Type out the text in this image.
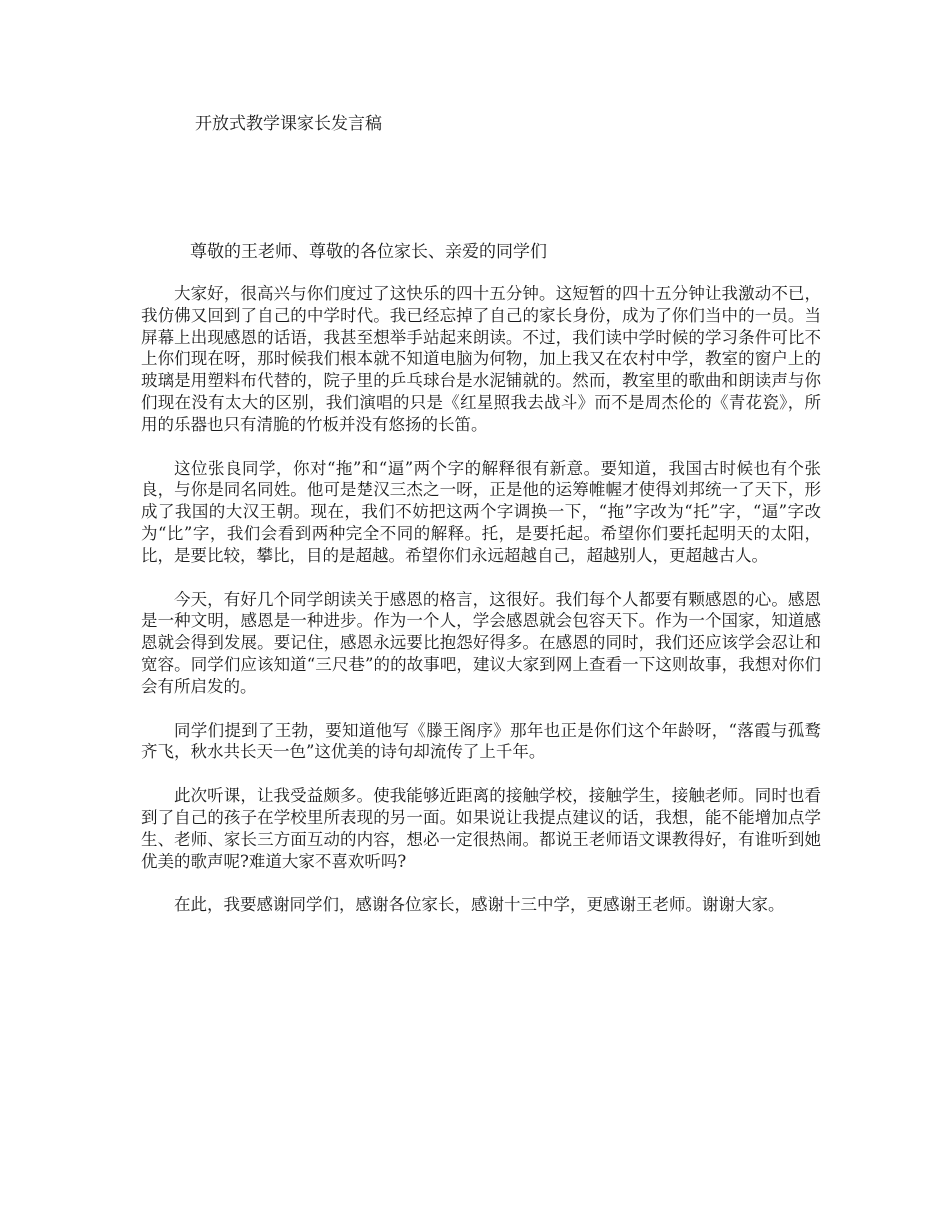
开放式教学课家长发言稿

尊敬的王老师、尊敬的各位家长、亲爱的同学们

大家好，很高兴与你们度过了这快乐的四十五分钟。这短暂的四十五分钟让我激动不已，我仿佛又回到了自己的中学时代。我已经忘掉了自己的家长身份，成为了你们当中的一员。当屏幕上出现感恩的话语，我甚至想举手站起来朗读。不过，我们读中学时候的学习条件可比不上你们现在呀，那时候我们根本就不知道电脑为何物，加上我又在农村中学，教室的窗户上的玻璃是用塑料布代替的，院子里的乒乓球台是水泥铺就的。然而，教室里的歌曲和朗读声与你们现在没有太大的区别，我们演唱的只是《红星照我去战斗》而不是周杰伦的《青花瓷》，所用的乐器也只有清脆的竹板并没有悠扬的长笛。

这位张良同学，你对“拖”和“逼”两个字的解释很有新意。要知道，我国古时候也有个张良，与你是同名同姓。他可是楚汉三杰之一呀，正是他的运筹帷幄才使得刘邦统一了天下，形成了我国的大汉王朝。现在，我们不妨把这两个字调换一下，“拖”字改为“托”字，“逼”字改为“比”字，我们会看到两种完全不同的解释。托，是要托起。希望你们要托起明天的太阳，比，是要比较，攀比，目的是超越。希望你们永远超越自己，超越别人，更超越古人。

今天，有好几个同学朗读关于感恩的格言，这很好。我们每个人都要有颗感恩的心。感恩是一种文明，感恩是一种进步。作为一个人，学会感恩就会包容天下。作为一个国家，知道感恩就会得到发展。要记住，感恩永远要比抱怨好得多。在感恩的同时，我们还应该学会忍让和宽容。同学们应该知道“三尺巷”的的故事吧，建议大家到网上查看一下这则故事，我想对你们会有所启发的。

同学们提到了王勃，要知道他写《滕王阁序》那年也正是你们这个年龄呀，“落霞与孤鹜齐飞，秋水共长天一色”这优美的诗句却流传了上千年。

此次听课，让我受益颇多。使我能够近距离的接触学校，接触学生，接触老师。同时也看到了自己的孩子在学校里所表现的另一面。如果说让我提点建议的话，我想，能不能增加点学生、老师、家长三方面互动的内容，想必一定很热闹。都说王老师语文课教得好，有谁听到她优美的歌声呢?难道大家不喜欢听吗?

在此，我要感谢同学们，感谢各位家长，感谢十三中学，更感谢王老师。谢谢大家。
